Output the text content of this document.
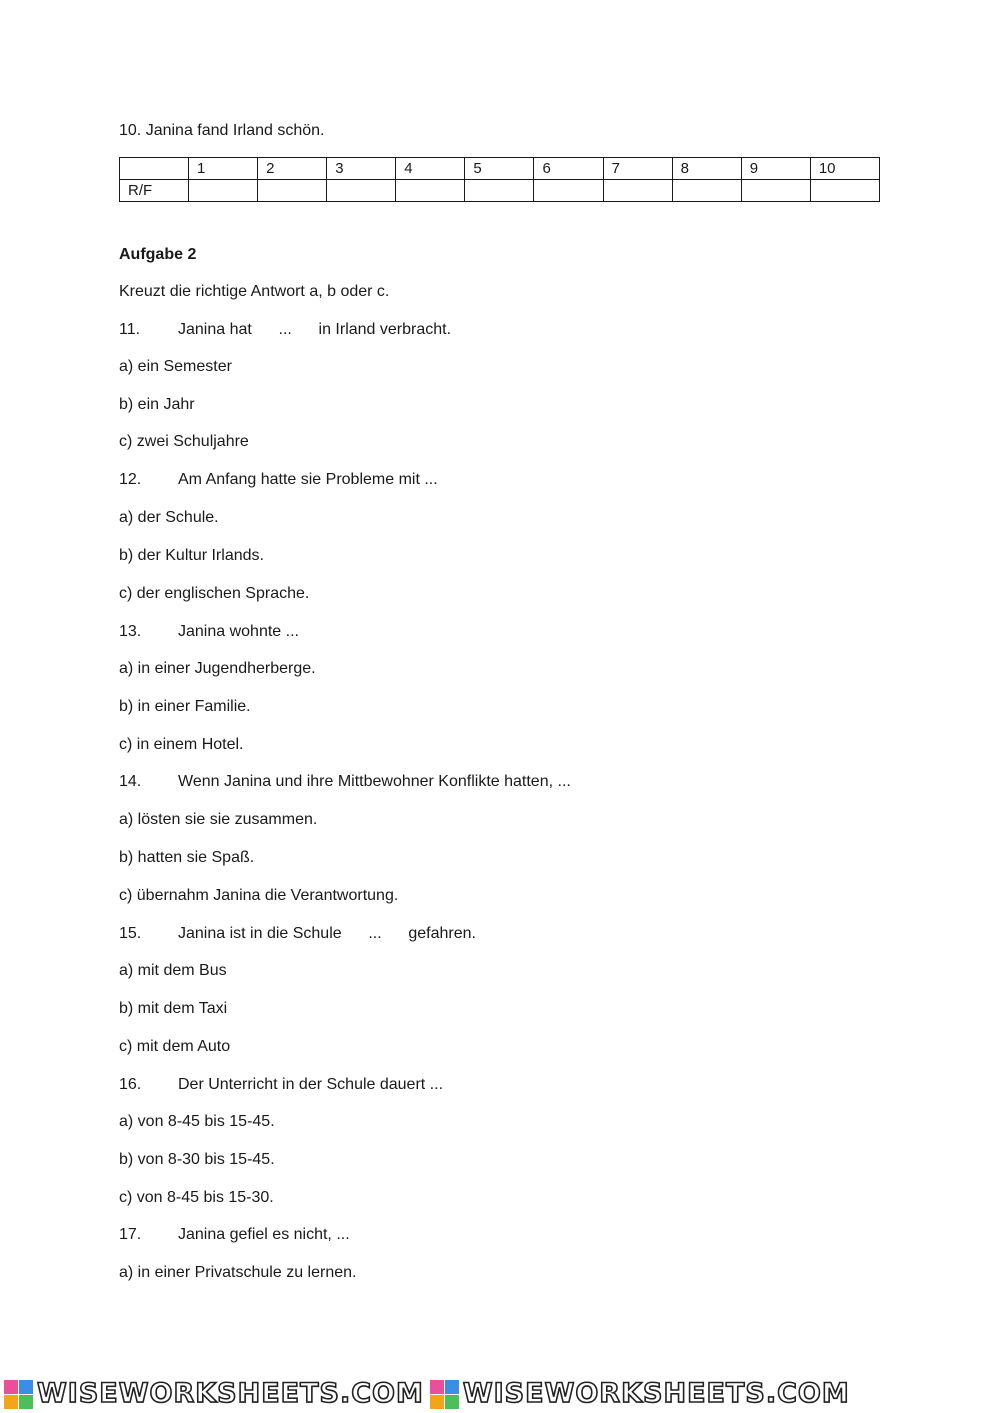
10. Janina fand Irland schön.
	1	2	3	4	5	6	7	8	9	10
R/F										
Aufgabe 2
Kreuzt die richtige Antwort a, b oder c.
11. Janina hat      ...      in Irland verbracht.
a) ein Semester
b) ein Jahr
c) zwei Schuljahre
12. Am Anfang hatte sie Probleme mit ...
a) der Schule.
b) der Kultur Irlands.
c) der englischen Sprache.
13. Janina wohnte ...
a) in einer Jugendherberge.
b) in einer Familie.
c) in einem Hotel.
14. Wenn Janina und ihre Mittbewohner Konflikte hatten, ...
a) lösten sie sie zusammen.
b) hatten sie Spaß.
c) übernahm Janina die Verantwortung.
15. Janina ist in die Schule      ...      gefahren.
a) mit dem Bus
b) mit dem Taxi
c) mit dem Auto
16. Der Unterricht in der Schule dauert ...
a) von 8-45 bis 15-45.
b) von 8-30 bis 15-45.
c) von 8-45 bis 15-30.
17. Janina gefiel es nicht, ...
a) in einer Privatschule zu lernen.
WISEWORKSHEETS.COM WISEWORKSHEETS.COM
